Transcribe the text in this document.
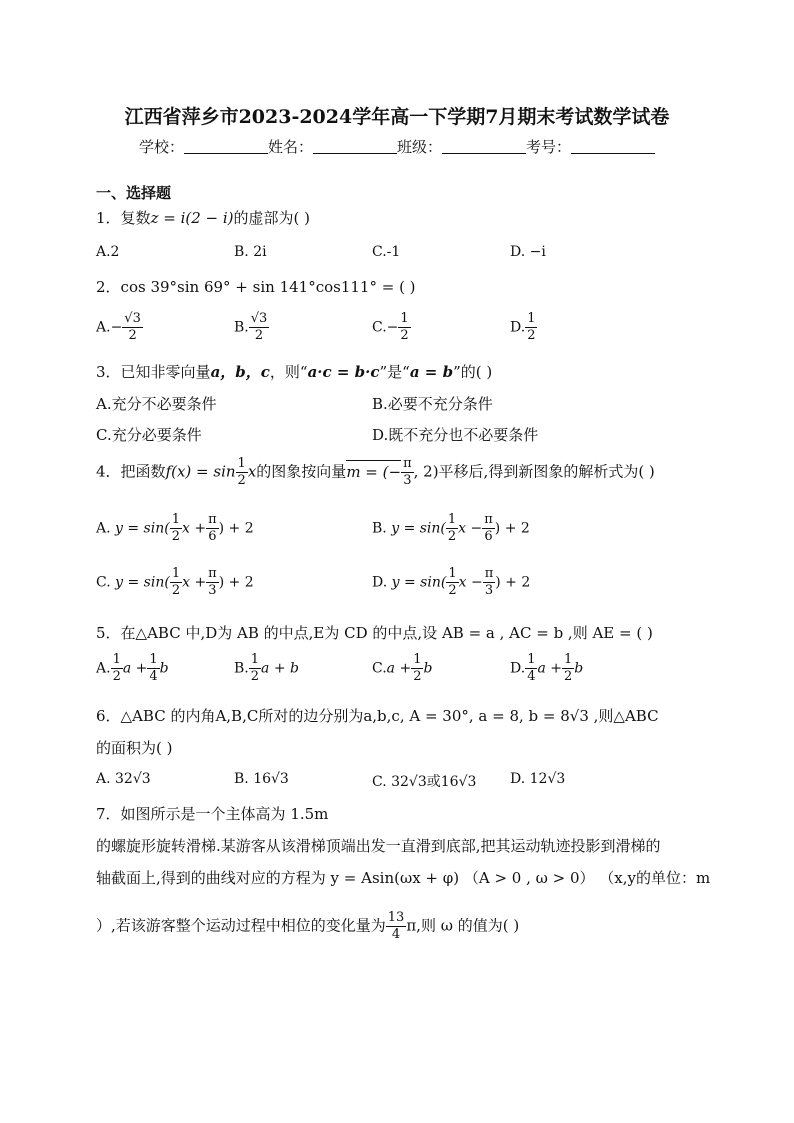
江西省萍乡市2023-2024学年高一下学期7月期末考试数学试卷
学校：	姓名：	班级：	考号：
一、选择题
1．复数z = i(2 − i)的虚部为( )
A.2	B. 2i	C.-1	D. −i
2．cos 39°sin 69° + sin 141°cos111° = ( )
$A.- \frac{√3}{2}$	B. $\frac{√3}{2}$	$C.- \frac{1}{2}$	D. $\frac{1}{2}$
3．已知非零向量a，b，c，则“a·c = b·c”是“a = b”的( )
A.充分不必要条件	B.必要不充分条件
C.充分必要条件	D.既不充分也不必要条件
4．把函数$f(x) = \sin \frac{1}{2}$ x的图象按向量m = (− $\frac{\pi}{3}$ , 2)平移后,得到新图象的解析式为( )
A. $y = \sin( \frac{1}{2}$ $x + \frac{\pi}{6}$ ) + 2	B. $y = \sin( \frac{1}{2}$ $x - \frac{\pi}{6}$ ) + 2
C. $y = \sin( \frac{1}{2}$ $x + \frac{\pi}{3}$ ) + 2	D. $y = \sin( \frac{1}{2}$ $x - \frac{\pi}{3}$ ) + 2
5．在△ABC 中,D为 AB 的中点,E为 CD 的中点,设 AB = a , AC = b ,则 AE = ( )
A. $\frac{1}{2}$ $a + \frac{1}{4}$ b	B. $\frac{1}{2}$ a + b	$C.a + \frac{1}{2}$ b	D. $\frac{1}{4}$ $a + \frac{1}{2}$ b
6．△ABC 的内角A,B,C所对的边分别为a,b,c, A = 30°, a = 8, b = 8√3 ,则△ABC
的面积为( )
A. 32√3	B. 16√3	C. 32√3或16√3 D. 12√3
7．如图所示是一个主体高为 1.5m
的螺旋形旋转滑梯.某游客从该滑梯顶端出发一直滑到底部,把其运动轨迹投影到滑梯的
轴截面上,得到的曲线对应的方程为 y = Asin(ωx + φ) （A > 0 , ω > 0） （x,y的单位：m
）,若该游客整个运动过程中相位的变化量为 $\frac{13}{4} \pi$,则 ω 的值为( )
